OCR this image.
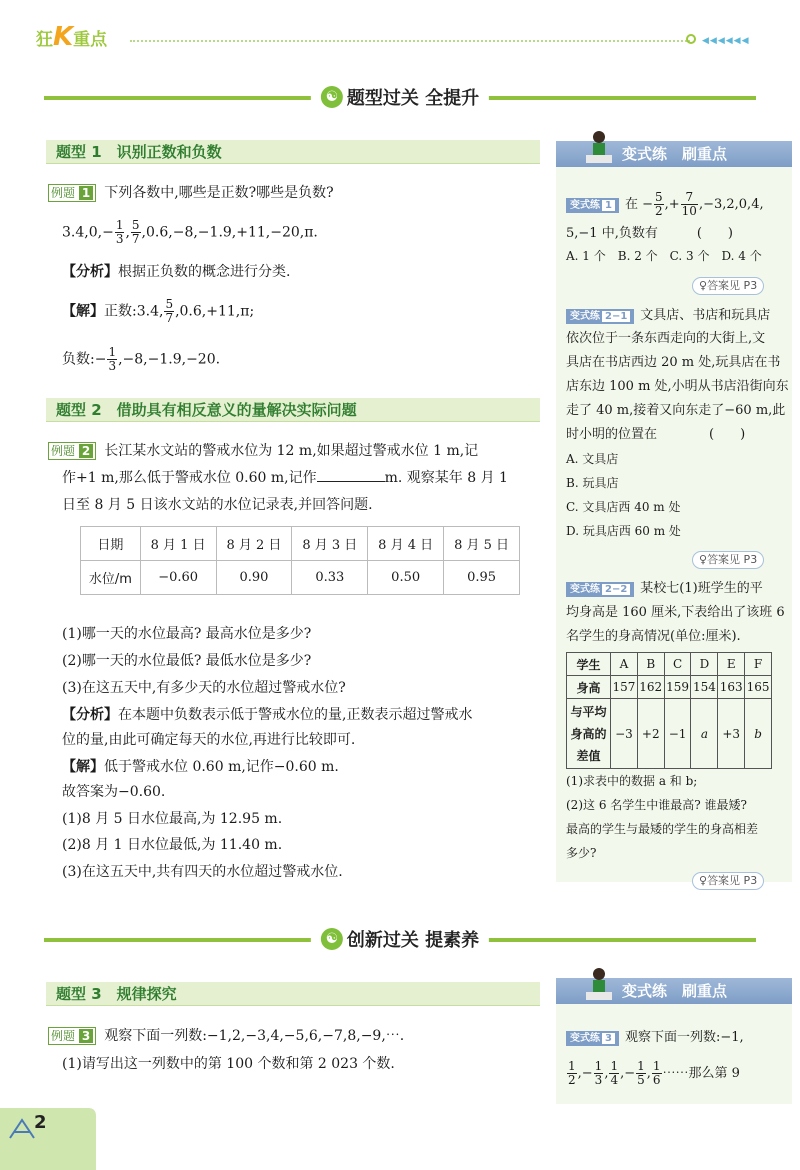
狂K重点	◀◀◀◀◀◀
☯ 题型过关 全提升
题型 1　识别正数和负数
例题 1 下列各数中,哪些是正数?哪些是负数?
$3.4,0,- \frac{1}{3}$ , $\frac{5}{7} ,0.6,-8,-1.9,+11,-20,\pi$.
【分析】根据正负数的概念进行分类.
【解】正数:3.4, $\frac{5}{7} ,0.6,+11,\pi$;
负数:− $\frac{1}{3} ,-8,-1.9,-20$.
题型 2　借助具有相反意义的量解决实际问题
例题 2 长江某水文站的警戒水位为 12 m,如果超过警戒水位 1 m,记
作+1 m,那么低于警戒水位 0.60 m,记作	m. 观察某年 8 月 1
日至 8 月 5 日该水文站的水位记录表,并回答问题.
日期	8 月 1 日	8 月 2 日	8 月 3 日	8 月 4 日	8 月 5 日
水位/m	−0.60	0.90	0.33	0.50	0.95
(1)哪一天的水位最高? 最高水位是多少?
(2)哪一天的水位最低? 最低水位是多少?
(3)在这五天中,有多少天的水位超过警戒水位?
【分析】在本题中负数表示低于警戒水位的量,正数表示超过警戒水
位的量,由此可确定每天的水位,再进行比较即可.
【解】低于警戒水位 0.60 m,记作−0.60 m.
故答案为−0.60.
(1)8 月 5 日水位最高,为 12.95 m.
(2)8 月 1 日水位最低,为 11.40 m.
(3)在这五天中,共有四天的水位超过警戒水位.
☯ 创新过关 提素养
题型 3　规律探究
例题 3 观察下面一列数:−1,2,−3,4,−5,6,−7,8,−9,⋯.
(1)请写出这一列数中的第 100 个数和第 2 023 个数.
变式练　刷重点
变式练 1 在 − $\frac{5}{2}$ ,+ $\frac{7}{10} ,-3,2,0,4$,
5,−1 中,负数有　　　(　　)
A. 1 个　B. 2 个　C. 3 个　D. 4 个
♀答案见 P3
变式练 2−1 文具店、书店和玩具店
依次位于一条东西走向的大街上,文
具店在书店西边 20 m 处,玩具店在书
店东边 100 m 处,小明从书店沿街向东
走了 40 m,接着又向东走了−60 m,此
时小明的位置在　　　　(　　)
A. 文具店
B. 玩具店
C. 文具店西 40 m 处
D. 玩具店西 60 m 处
♀答案见 P3
变式练 2−2 某校七(1)班学生的平
均身高是 160 厘米,下表给出了该班 6
名学生的身高情况(单位:厘米).
学生	A	B	C	D	E	F
身高	157	162	159	154	163	165
与平均
身高的
差值	−3	+2	−1	a	+3	b
(1)求表中的数据 a 和 b;
(2)这 6 名学生中谁最高? 谁最矮?
最高的学生与最矮的学生的身高相差
多少?
♀答案见 P3
变式练　刷重点
变式练 3 观察下面一列数:−1,
$\frac{1}{2}$ ,− $\frac{1}{3}$ , $\frac{1}{4}$ ,− $\frac{1}{5}$ , $\frac{1}{6}$ ⋯⋯那么第 9
2
